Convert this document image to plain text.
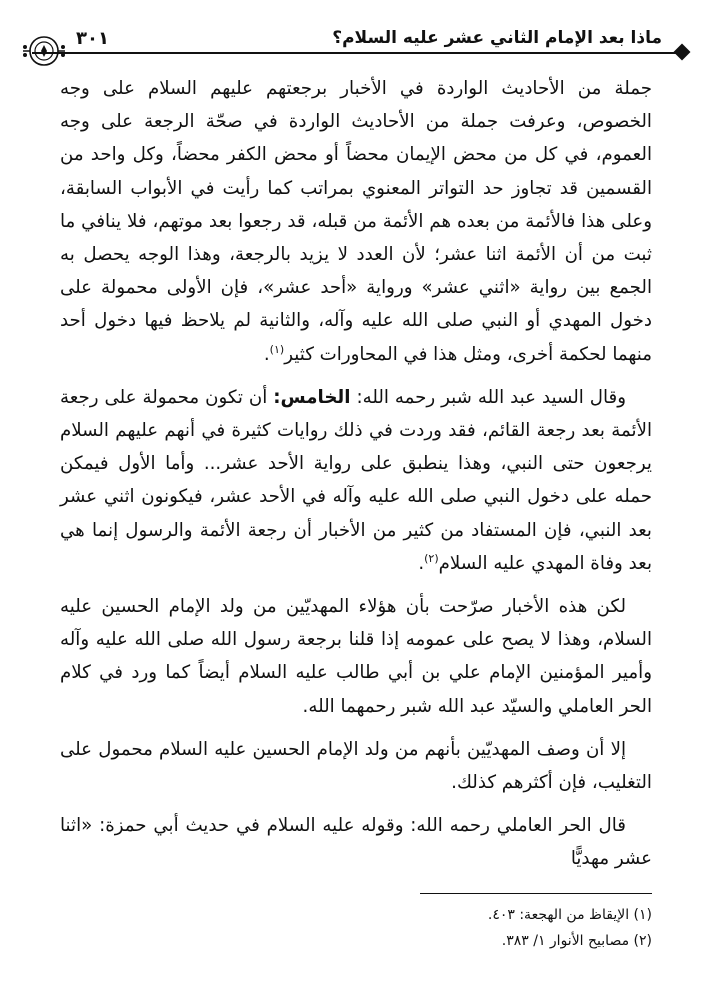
ماذا بعد الإمام الثاني عشر عليه السلام؟
٣٠١

جملة من الأحاديث الواردة في الأخبار برجعتهم عليهم السلام على وجه الخصوص، وعرفت جملة من الأحاديث الواردة في صحّة الرجعة على وجه العموم، في كل من محض الإيمان محضاً أو محض الكفر محضاً، وكل واحد من القسمين قد تجاوز حد التواتر المعنوي بمراتب كما رأيت في الأبواب السابقة، وعلى هذا فالأئمة من بعده هم الأئمة من قبله، قد رجعوا بعد موتهم، فلا ينافي ما ثبت من أن الأئمة اثنا عشر؛ لأن العدد لا يزيد بالرجعة، وهذا الوجه يحصل به الجمع بين رواية «اثني عشر» ورواية «أحد عشر»، فإن الأولى محمولة على دخول المهدي أو النبي صلى الله عليه وآله، والثانية لم يلاحظ فيها دخول أحد منهما لحكمة أخرى، ومثل هذا في المحاورات كثير$^{(١)}$.

وقال السيد عبد الله شبر رحمه الله: الخامس: أن تكون محمولة على رجعة الأئمة بعد رجعة القائم، فقد وردت في ذلك روايات كثيرة في أنهم عليهم السلام يرجعون حتى النبي، وهذا ينطبق على رواية الأحد عشر... وأما الأول فيمكن حمله على دخول النبي صلى الله عليه وآله في الأحد عشر، فيكونون اثني عشر بعد النبي، فإن المستفاد من كثير من الأخبار أن رجعة الأئمة والرسول إنما هي بعد وفاة المهدي عليه السلام$^{(٢)}$.

لكن هذه الأخبار صرّحت بأن هؤلاء المهديّين من ولد الإمام الحسين عليه السلام، وهذا لا يصح على عمومه إذا قلنا برجعة رسول الله صلى الله عليه وآله وأمير المؤمنين الإمام علي بن أبي طالب عليه السلام أيضاً كما ورد في كلام الحر العاملي والسيّد عبد الله شبر رحمهما الله.

إلا أن وصف المهديّين بأنهم من ولد الإمام الحسين عليه السلام محمول على التغليب، فإن أكثرهم كذلك.

قال الحر العاملي رحمه الله: وقوله عليه السلام في حديث أبي حمزة: «اثنا عشر مهديًّا

(١) الإيقاظ من الهجعة: ٤٠٣.
(٢) مصابيح الأنوار ١/ ٣٨٣.
